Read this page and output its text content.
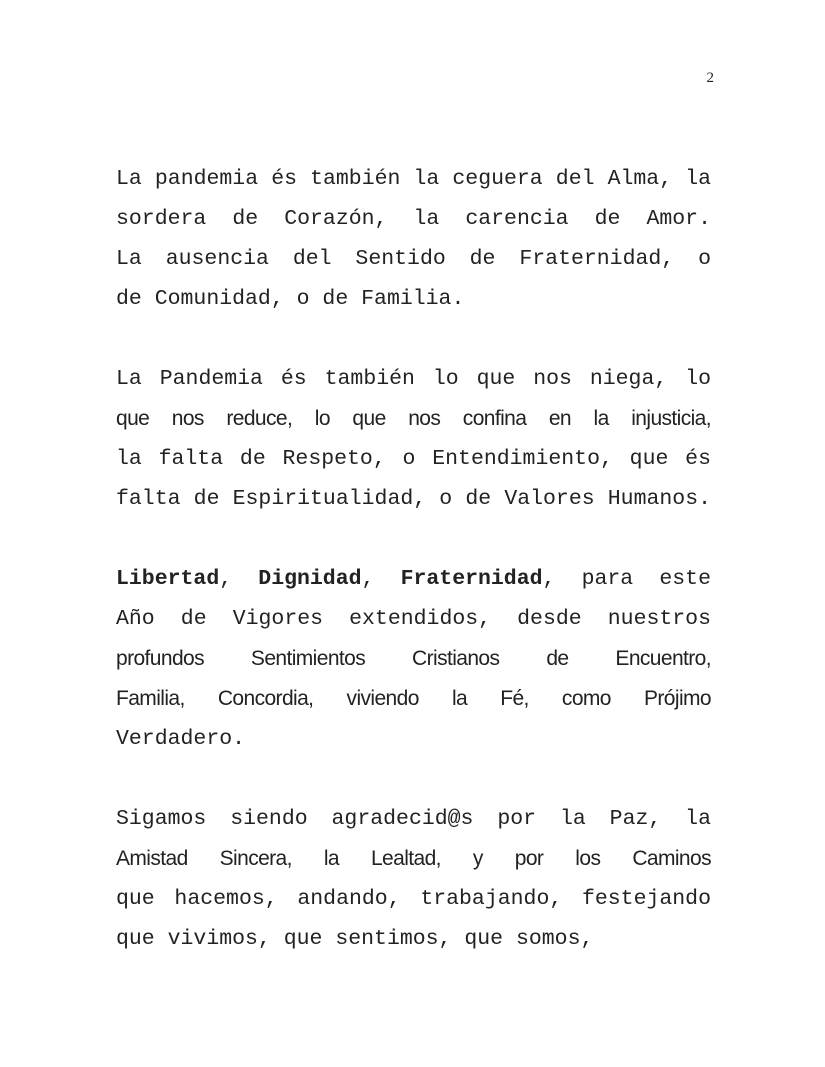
2
La pandemia és también la ceguera del Alma, la
sordera de Corazón, la carencia de Amor.
La ausencia del Sentido de Fraternidad, o
de Comunidad, o de Familia.
La Pandemia és también lo que nos niega, lo
que nos reduce, lo que nos confina en la injusticia,
la falta de Respeto, o Entendimiento, que és
falta de Espiritualidad, o de Valores Humanos.
Libertad, Dignidad, Fraternidad, para este
Año de Vigores extendidos, desde nuestros
profundos Sentimientos Cristianos de Encuentro,
Familia, Concordia, viviendo la Fé, como Prójimo
Verdadero.
Sigamos siendo agradecid@s por la Paz, la
Amistad Sincera, la Lealtad, y por los Caminos
que hacemos, andando, trabajando, festejando
que vivimos, que sentimos, que somos,
